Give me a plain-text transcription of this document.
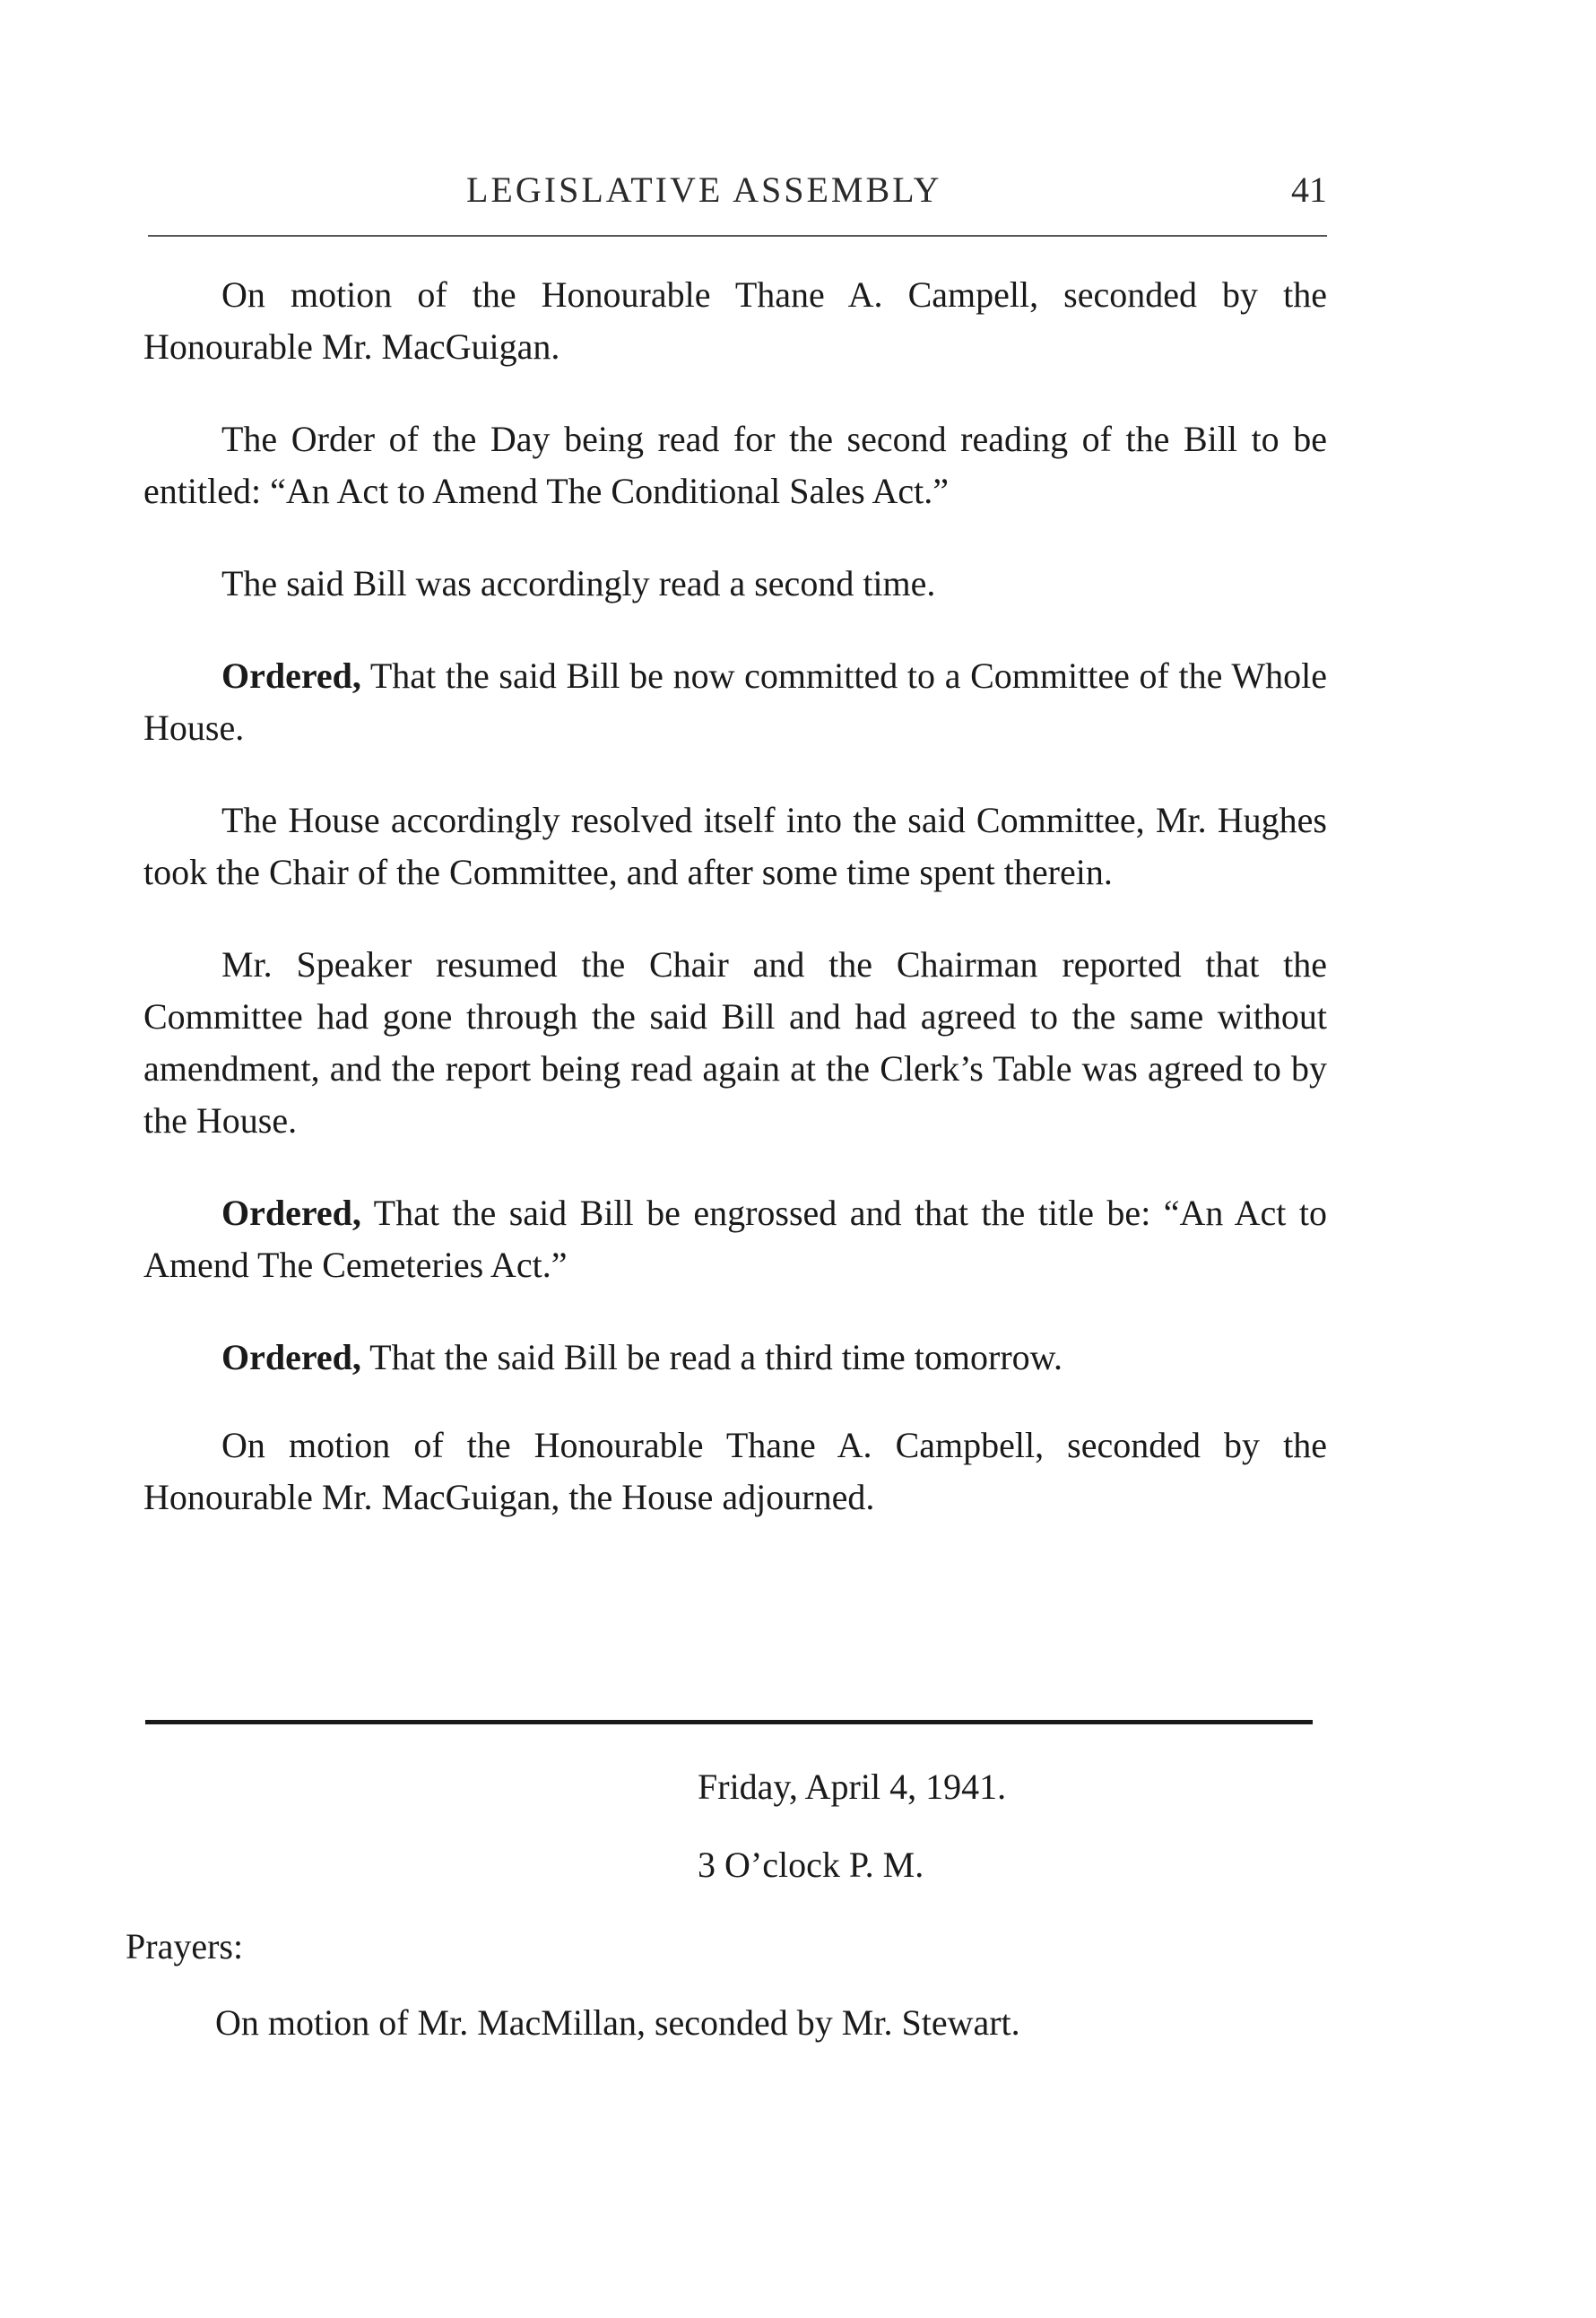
LEGISLATIVE ASSEMBLY	41

On motion of the Honourable Thane A. Campell, seconded by the Honourable Mr. MacGuigan.

The Order of the Day being read for the second reading of the Bill to be entitled: “An Act to Amend The Conditional Sales Act.”

The said Bill was accordingly read a second time.

Ordered, That the said Bill be now committed to a Committee of the Whole House.

The House accordingly resolved itself into the said Committee, Mr. Hughes took the Chair of the Committee, and after some time spent therein.

Mr. Speaker resumed the Chair and the Chairman reported that the Committee had gone through the said Bill and had agreed to the same without amendment, and the report being read again at the Clerk’s Table was agreed to by the House.

Ordered, That the said Bill be engrossed and that the title be: “An Act to Amend The Cemeteries Act.”

Ordered, That the said Bill be read a third time tomorrow.

On motion of the Honourable Thane A. Campbell, seconded by the Honourable Mr. MacGuigan, the House adjourned.

Friday, April 4, 1941.
3 O’clock P. M.
Prayers:
On motion of Mr. MacMillan, seconded by Mr. Stewart.
